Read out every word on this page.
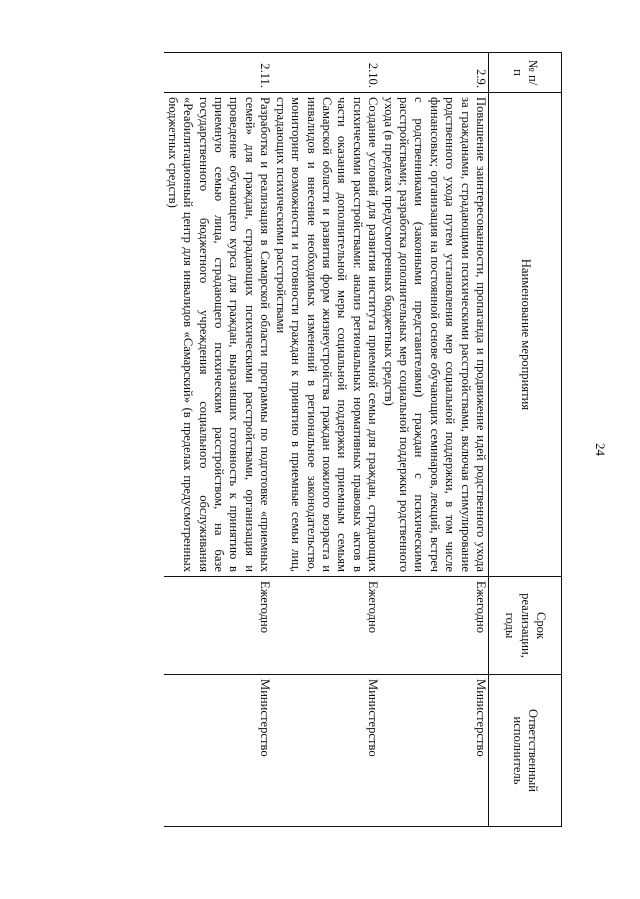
24
№ п/п	Наименование мероприятия	Срок реализации, годы	Ответственный исполнитель
2.9.	Повышение заинтересованности, пропаганда и продвижение идей родственного ухода за гражданами, страдающими психическими расстройствами, включая стимулирование родственного ухода путем установления мер социальной поддержки, в том числе финансовых; организация на постоянной основе обучающих семинаров, лекций, встреч с родственниками (законными представителями) граждан с психическими расстройствами; разработка дополнительных мер социальной поддержки родственного ухода (в пределах предусмотренных бюджетных средств)	Ежегодно	Министерство
2.10.	Создание условий для развития института приемной семьи для граждан, страдающих психическими расстройствами: анализ региональных нормативных правовых актов в части оказания дополнительной меры социальной поддержки приемным семьям Самарской области и развития форм жизнеустройства граждан пожилого возраста и инвалидов и внесение необходимых изменений в региональное законодательство, мониторинг возможности и готовности граждан к принятию в приемные семьи лиц, страдающих психическими расстройствами	Ежегодно	Министерство
2.11.	Разработка и реализация в Самарской области программы по подготовке «приемных семей» для граждан, страдающих психическими расстройствами, организация и проведение обучающего курса для граждан, выразивших готовность к принятию в приемную семью лица, страдающего психическим расстройством, на базе государственного бюджетного учреждения социального обслуживания «Реабилитационный центр для инвалидов «Самарский» (в пределах предусмотренных бюджетных средств)	Ежегодно	Министерство
